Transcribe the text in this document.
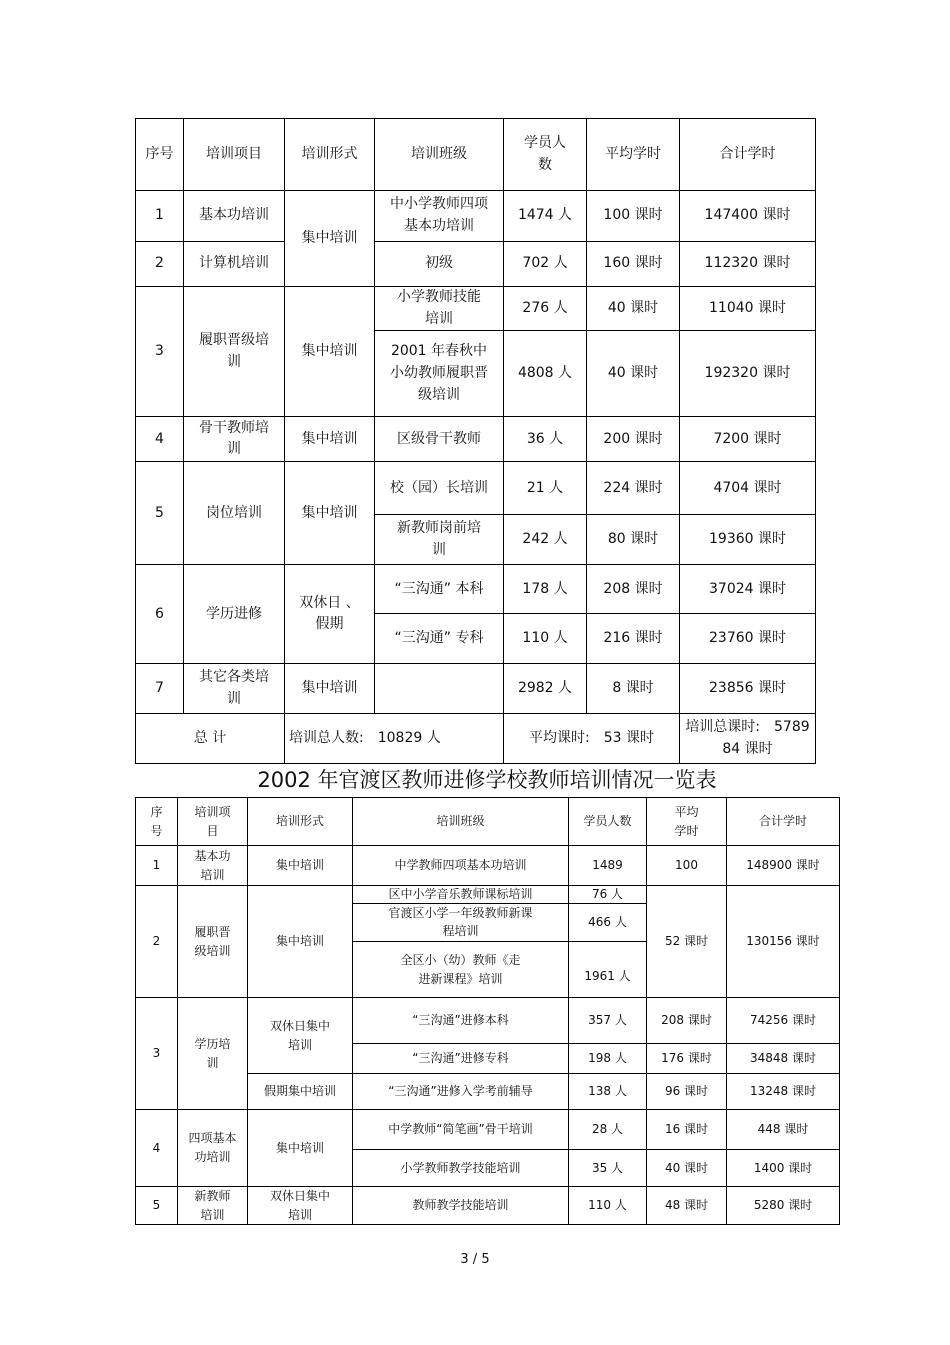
序号	培训项目	培训形式	培训班级	学员人数	平均学时	合计学时
1	基本功培训	集中培训	中小学教师四项基本功培训	1474 人	100 课时	147400 课时
2	计算机培训		初级	702 人	160 课时	112320 课时
3	履职晋级培训	集中培训	小学教师技能培训	276 人	40 课时	11040 课时
			2001 年春秋中小幼教师履职晋级培训	4808 人	40 课时	192320 课时
4	骨干教师培训	集中培训	区级骨干教师	36 人	200 课时	7200 课时
5	岗位培训	集中培训	校（园）长培训	21 人	224 课时	4704 课时
			新教师岗前培训	242 人	80 课时	19360 课时
6	学历进修	双休日 、假期	“三沟通” 本科	178 人	208 课时	37024 课时
			“三沟通” 专科	110 人	216 课时	23760 课时
7	其它各类培训	集中培训		2982 人	8 课时	23856 课时
总 计		培训总人数:　10829 人		平均课时:　53 课时		培训总课时:　578984 课时
2002 年官渡区教师进修学校教师培训情况一览表
序号	培训项目	培训形式	培训班级	学员人数	平均学时	合计学时
1	基本功培训	集中培训	中学教师四项基本功培训	1489	100	148900 课时
2	履职晋级培训	集中培训	区中小学音乐教师课标培训	76 人	52 课时	130156 课时
			官渡区小学一年级教师新课程培训	466 人		
			全区小（幼）教师《走进新课程》培训	1961 人		
3	学历培训	双休日集中培训	“三沟通”进修本科	357 人	208 课时	74256 课时
			“三沟通”进修专科	198 人	176 课时	34848 课时
		假期集中培训	“三沟通”进修入学考前辅导	138 人	96 课时	13248 课时
4	四项基本功培训	集中培训	中学教师“简笔画”骨干培训	28 人	16 课时	448 课时
			小学教师教学技能培训	35 人	40 课时	1400 课时
5	新教师培训	双休日集中培训	教师教学技能培训	110 人	48 课时	5280 课时
3 / 5
